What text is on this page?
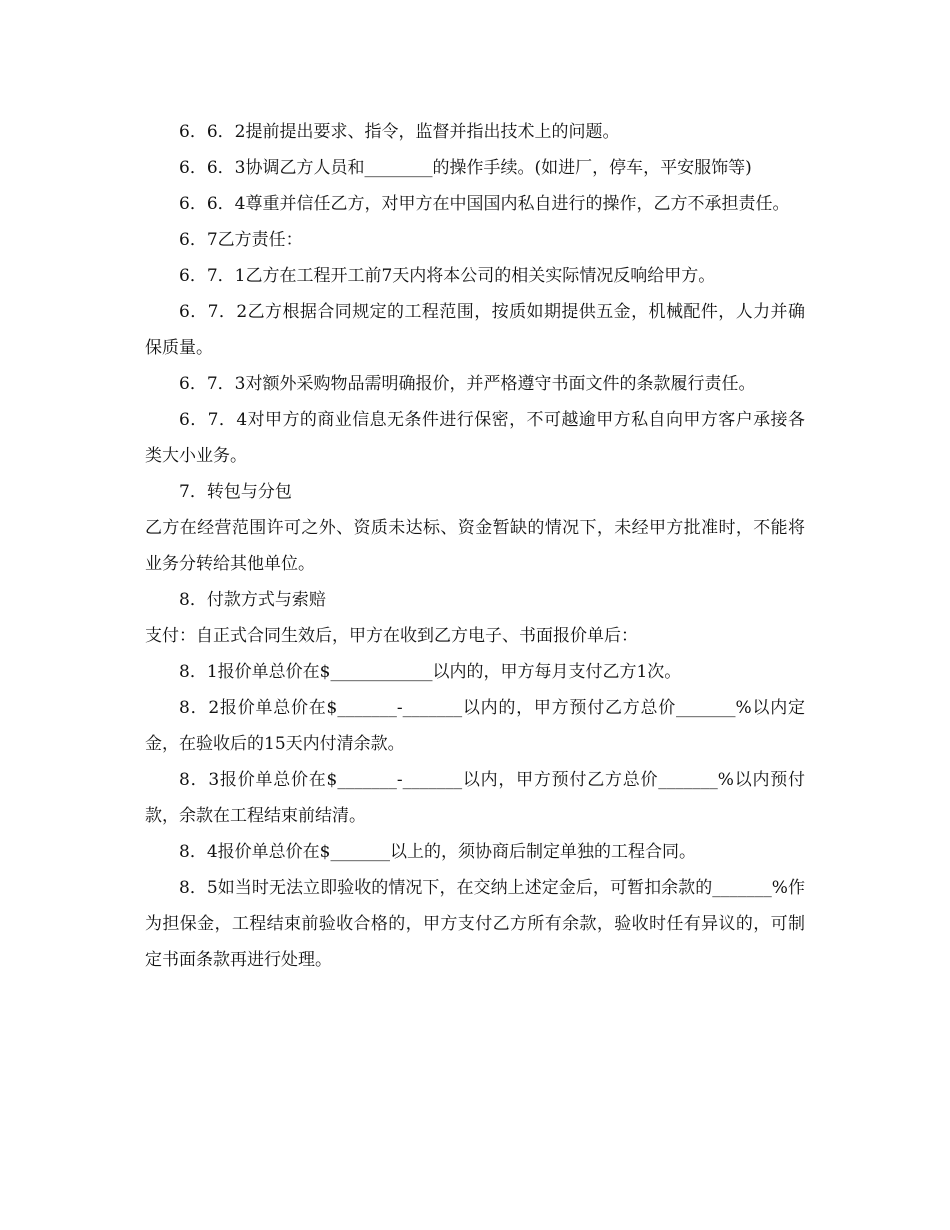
6．6．2提前提出要求、指令，监督并指出技术上的问题。

6．6．3协调乙方人员和________的操作手续。(如进厂，停车，平安服饰等)

6．6．4尊重并信任乙方，对甲方在中国国内私自进行的操作，乙方不承担责任。

6．7乙方责任：

6．7．1乙方在工程开工前7天内将本公司的相关实际情况反响给甲方。

6．7．2乙方根据合同规定的工程范围，按质如期提供五金，机械配件，人力并确保质量。

6．7．3对额外采购物品需明确报价，并严格遵守书面文件的条款履行责任。

6．7．4对甲方的商业信息无条件进行保密，不可越逾甲方私自向甲方客户承接各类大小业务。

7．转包与分包

乙方在经营范围许可之外、资质未达标、资金暂缺的情况下，未经甲方批准时，不能将业务分转给其他单位。

8．付款方式与索赔

支付：自正式合同生效后，甲方在收到乙方电子、书面报价单后：

8．1报价单总价在$____________以内的，甲方每月支付乙方1次。

8．2报价单总价在$_______-_______以内的，甲方预付乙方总价_______%以内定金，在验收后的15天内付清余款。

8．3报价单总价在$_______-_______以内，甲方预付乙方总价_______%以内预付款，余款在工程结束前结清。

8．4报价单总价在$_______以上的，须协商后制定单独的工程合同。

8．5如当时无法立即验收的情况下，在交纳上述定金后，可暂扣余款的_______%作为担保金，工程结束前验收合格的，甲方支付乙方所有余款，验收时任有异议的，可制定书面条款再进行处理。
